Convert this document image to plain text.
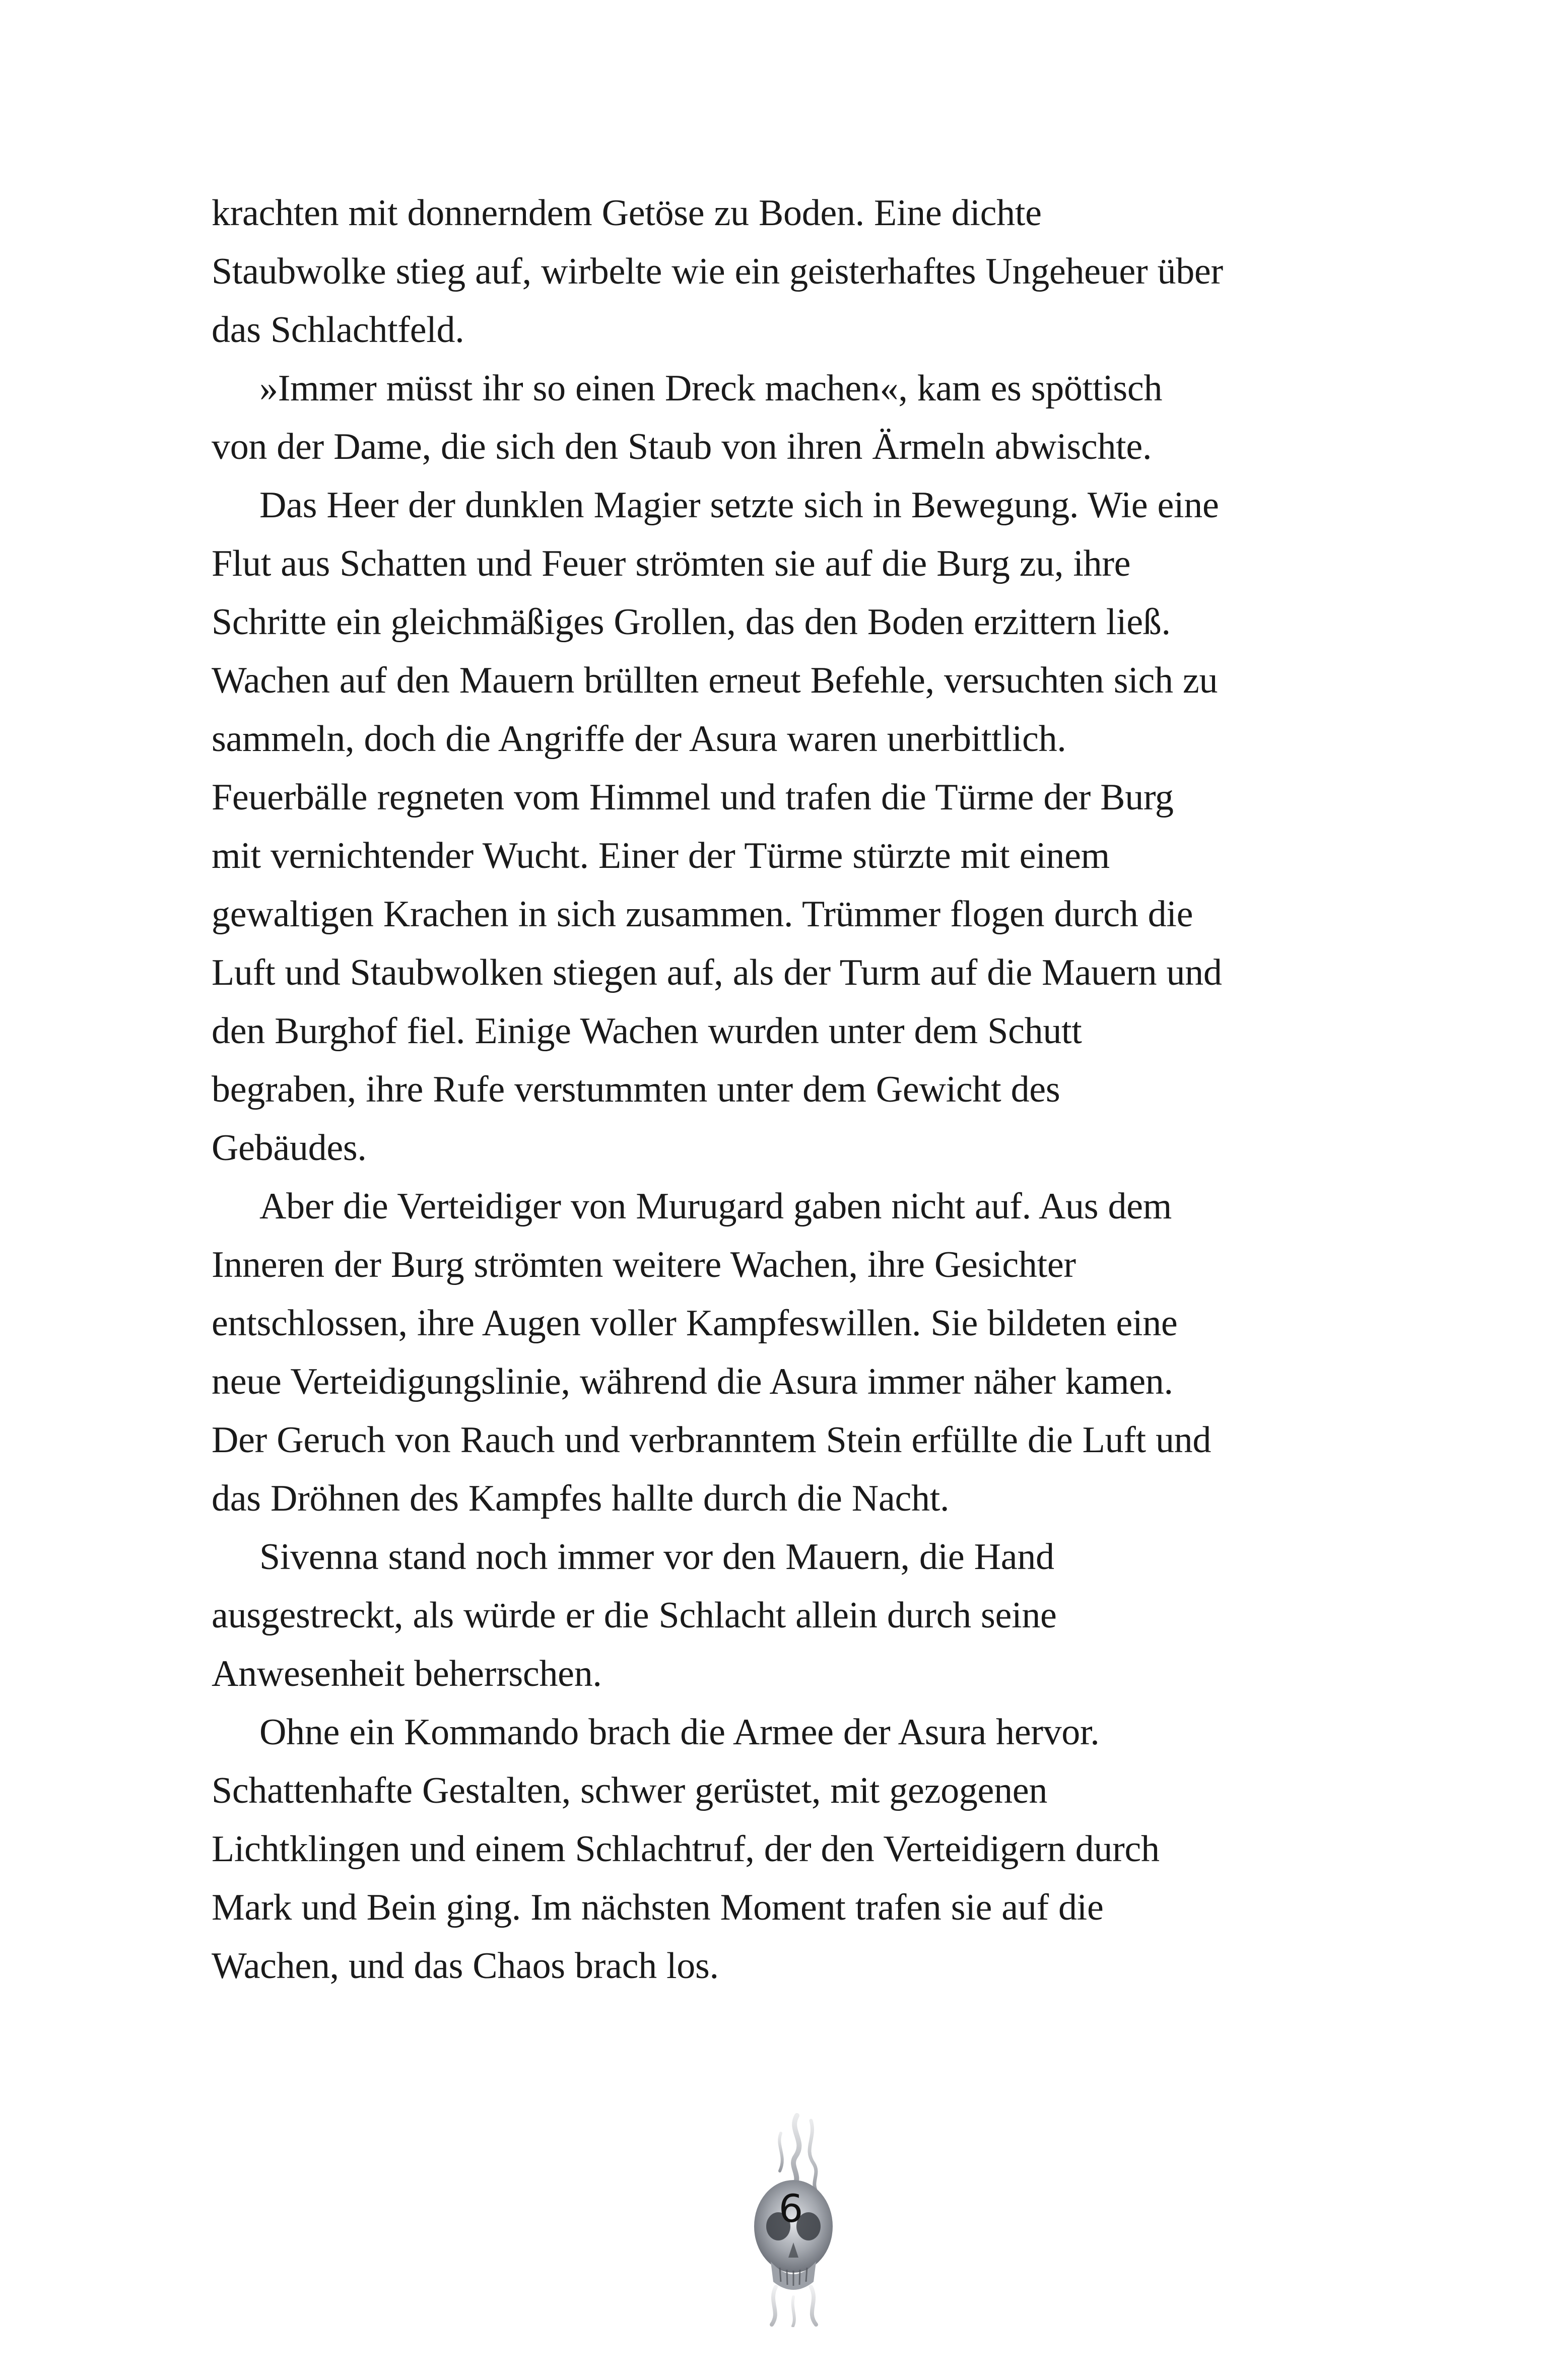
krachten mit donnerndem Getöse zu Boden. Eine dichte
Staubwolke stieg auf, wirbelte wie ein geisterhaftes Ungeheuer über
das Schlachtfeld.
»Immer müsst ihr so einen Dreck machen«, kam es spöttisch
von der Dame, die sich den Staub von ihren Ärmeln abwischte.
Das Heer der dunklen Magier setzte sich in Bewegung. Wie eine
Flut aus Schatten und Feuer strömten sie auf die Burg zu, ihre
Schritte ein gleichmäßiges Grollen, das den Boden erzittern ließ.
Wachen auf den Mauern brüllten erneut Befehle, versuchten sich zu
sammeln, doch die Angriffe der Asura waren unerbittlich.
Feuerbälle regneten vom Himmel und trafen die Türme der Burg
mit vernichtender Wucht. Einer der Türme stürzte mit einem
gewaltigen Krachen in sich zusammen. Trümmer flogen durch die
Luft und Staubwolken stiegen auf, als der Turm auf die Mauern und
den Burghof fiel. Einige Wachen wurden unter dem Schutt
begraben, ihre Rufe verstummten unter dem Gewicht des
Gebäudes.
Aber die Verteidiger von Murugard gaben nicht auf. Aus dem
Inneren der Burg strömten weitere Wachen, ihre Gesichter
entschlossen, ihre Augen voller Kampfeswillen. Sie bildeten eine
neue Verteidigungslinie, während die Asura immer näher kamen.
Der Geruch von Rauch und verbranntem Stein erfüllte die Luft und
das Dröhnen des Kampfes hallte durch die Nacht.
Sivenna stand noch immer vor den Mauern, die Hand
ausgestreckt, als würde er die Schlacht allein durch seine
Anwesenheit beherrschen.
Ohne ein Kommando brach die Armee der Asura hervor.
Schattenhafte Gestalten, schwer gerüstet, mit gezogenen
Lichtklingen und einem Schlachtruf, der den Verteidigern durch
Mark und Bein ging. Im nächsten Moment trafen sie auf die
Wachen, und das Chaos brach los.
6
